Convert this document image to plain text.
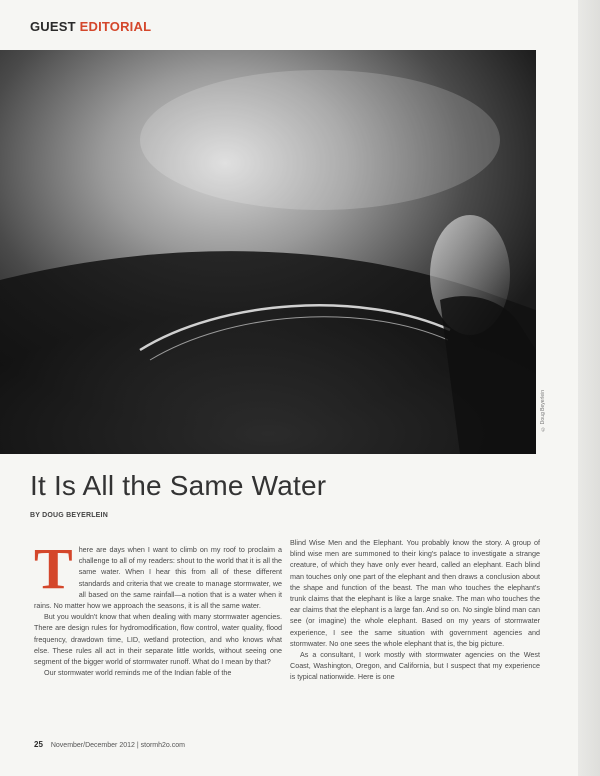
GUEST EDITORIAL
© Doug Beyerlein
It Is All the Same Water
BY DOUG BEYERLEIN

T here are days when I want to climb on my roof to proclaim a challenge to all of my readers: shout to the world that it is all the same water. When I hear this from all of these different standards and criteria that we create to manage stormwater, we all based on the same rainfall—a notion that is a water when it rains. No matter how we approach the seasons, it is all the same water.

But you wouldn't know that when dealing with many stormwater agencies. There are design rules for hydromodification, flow control, water quality, flood frequency, drawdown time, LID, wetland protection, and who knows what else. These rules all act in their separate little worlds, without seeing one segment of the bigger world of stormwater runoff. What do I mean by that?

Our stormwater world reminds me of the Indian fable of the

Blind Wise Men and the Elephant. You probably know the story. A group of blind wise men are summoned to their king's palace to investigate a strange creature, of which they have only ever heard, called an elephant. Each blind man touches only one part of the elephant and then draws a conclusion about the shape and function of the beast. The man who touches the elephant's trunk claims that the elephant is like a large snake. The man who touches the ear claims that the elephant is a large fan. And so on. No single blind man can see (or imagine) the whole elephant. Based on my years of stormwater experience, I see the same situation with government agencies and stormwater. No one sees the whole elephant that is, the big picture.

As a consultant, I work mostly with stormwater agencies on the West Coast, Washington, Oregon, and California, but I suspect that my experience is typical nationwide. Here is one

25 November/December 2012 | stormh2o.com
